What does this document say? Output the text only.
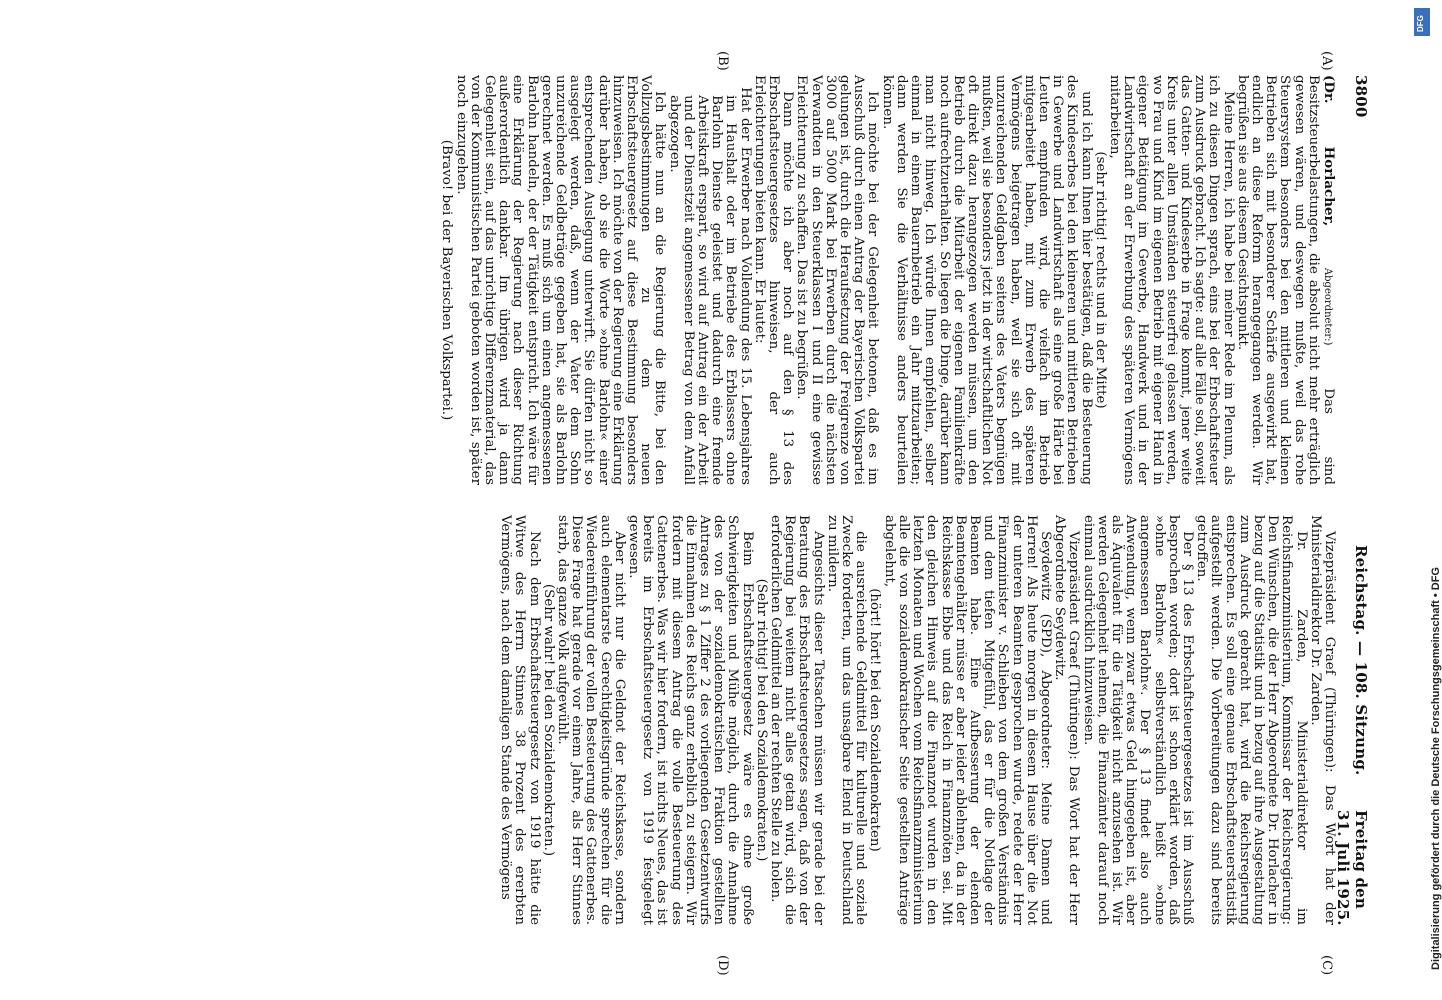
3800
Reichstag. — 108. Sitzung.
Freitag den 31. Juli 1925.
(A)
(B)
(C)
(D)

(Dr. Horlacher, Abgeordneter:) Das sind Besitzsteuerbelastungen, die absolut nicht mehr erträglich gewesen wären, und deswegen mußte, weil das rohe Steuersystem besonders bei den mittleren und kleinen Betrieben sich mit besonderer Schärfe ausgewirkt hat, endlich an diese Reform herangegangen werden. Wir begrüßen sie aus diesem Gesichtspunkt.

Meine Herren, ich habe bei meiner Rede im Plenum, als ich zu diesen Dingen sprach, eins bei der Erbschaftsteuer zum Ausdruck gebracht. Ich sagte: auf alle Fälle soll, soweit das Gatten- und Kindeserbe in Frage kommt, jener weite Kreis unter allen Umständen steuerfrei gelassen werden, wo Frau und Kind im eigenen Betrieb mit eigener Hand in eigener Betätigung im Gewerbe, Handwerk und in der Landwirtschaft an der Erwerbung des späteren Vermögens mitarbeiten,

(sehr richtig! rechts und in der Mitte)

und ich kann Ihnen hier bestätigen, daß die Besteuerung des Kindeserbes bei den kleineren und mittleren Betrieben in Gewerbe und Landwirtschaft als eine große Härte bei Leuten empfunden wird, die vielfach im Betrieb mitgearbeitet haben, mit zum Erwerb des späteren Vermögens beigetragen haben, weil sie sich oft mit unzureichenden Geldgaben seitens des Vaters begnügen mußten, weil sie besonders jetzt in der wirtschaftlichen Not oft direkt dazu herangezogen werden müssen, um den Betrieb durch die Mitarbeit der eigenen Familienkräfte noch aufrechtzuerhalten. So liegen die Dinge, darüber kann man nicht hinweg. Ich würde Ihnen empfehlen, selber einmal in einem Bauernbetrieb ein Jahr mitzuarbeiten; dann werden Sie die Verhältnisse anders beurteilen können.

Ich möchte bei der Gelegenheit betonen, daß es im Ausschuß durch einen Antrag der Bayerischen Volkspartei gelungen ist, durch die Heraufsetzung der Freigrenze von 3000 auf 5000 Mark bei Erwerben durch die nächsten Verwandten in den Steuerklassen I und II eine gewisse Erleichterung zu schaffen. Das ist zu begrüßen.

Dann möchte ich aber noch auf den § 13 des Erbschaftsteuergesetzes hinweisen, der auch Erleichterungen bieten kann. Er lautet:

Hat der Erwerber nach Vollendung des 15. Lebensjahres im Haushalt oder im Betriebe des Erblassers ohne Barlohn Dienste geleistet und dadurch eine fremde Arbeitskraft erspart, so wird auf Antrag ein der Arbeit und der Dienstzeit angemessener Betrag von dem Anfall abgezogen.

Ich hätte nun an die Regierung die Bitte, bei den Vollzugsbestimmungen zu dem neuen Erbschaftsteuergesetz auf diese Bestimmung besonders hinzuweisen. Ich möchte von der Regierung eine Erklärung darüber haben, ob sie die Worte »ohne Barlohn« einer entsprechenden Auslegung unterwirft. Sie dürfen nicht so ausgelegt werden, daß, wenn der Vater dem Sohn unzureichende Geldbeträge gegeben hat, sie als Barlohn gerechnet werden. Es muß sich um einen angemessenen Barlohn handeln, der der Tätigkeit entspricht. Ich wäre für eine Erklärung der Regierung nach dieser Richtung außerordentlich dankbar. Im übrigen wird ja dann Gelegenheit sein, auf das unrichtige Differenzmaterial, das von der Kommunistischen Partei geboten worden ist, später noch einzugehen.

(Bravo! bei der Bayerischen Volkspartei.)

Vizepräsident Graef (Thüringen): Das Wort hat der Ministerialdirektor Dr. Zarden.

Dr. Zarden, Ministerialdirektor im Reichsfinanzministerium, Kommissar der Reichsregierung: Den Wünschen, die der Herr Abgeordnete Dr. Horlacher in bezug auf die Statistik und in bezug auf ihre Ausgestaltung zum Ausdruck gebracht hat, wird die Reichsregierung entsprechen. Es soll eine genaue Erbschaftsteuerstatistik aufgestellt werden. Die Vorbereitungen dazu sind bereits getroffen.

Der § 13 des Erbschaftsteuergesetzes ist im Ausschuß besprochen worden; dort ist schon erklärt worden, daß »ohne Barlohn« selbstverständlich heißt »ohne angemessenen Barlohn«. Der § 13 findet also auch Anwendung, wenn zwar etwas Geld hingegeben ist, aber als Äquivalent für die Tätigkeit nicht anzusehen ist. Wir werden Gelegenheit nehmen, die Finanzämter darauf noch einmal ausdrücklich hinzuweisen.

Vizepräsident Graef (Thüringen): Das Wort hat der Herr Abgeordnete Seydewitz.

Seydewitz (SPD), Abgeordneter: Meine Damen und Herren! Als heute morgen in diesem Hause über die Not der unteren Beamten gesprochen wurde, redete der Herr Finanzminister v. Schlieben von dem großen Verständnis und dem tiefen Mitgefühl, das er für die Notlage der Beamten habe. Eine Aufbesserung der elenden Beamtengehälter müsse er aber leider ablehnen, da in der Reichskasse Ebbe und das Reich in Finanznöten sei. Mit den gleichen Hinweis auf die Finanznot wurden in den letzten Monaten und Wochen vom Reichsfinanzministerium alle die von sozialdemokratischer Seite gestellten Anträge abgelehnt,

(hört! hört! bei den Sozialdemokraten)

die ausreichende Geldmittel für kulturelle und soziale Zwecke forderten, um das unsagbare Elend in Deutschland zu mildern.

Angesichts dieser Tatsachen müssen wir gerade bei der Beratung des Erbschaftsteuergesetzes sagen, daß von der Regierung bei weitem nicht alles getan wird, sich die erforderlichen Geldmittel an der rechten Stelle zu holen.

(Sehr richtig! bei den Sozialdemokraten.)

Beim Erbschaftsteuergesetz wäre es ohne große Schwierigkeiten und Mühe möglich, durch die Annahme des von der sozialdemokratischen Fraktion gestellten Antrages zu § 1 Ziffer 2 des vorliegenden Gesetzentwurfs die Einnahmen des Reichs ganz erheblich zu steigern. Wir fordern mit diesem Antrag die volle Besteuerung des Gattenerbes. Was wir hier fordern, ist nichts Neues, das ist bereits im Erbschaftsteuergesetz von 1919 festgelegt gewesen.

Aber nicht nur die Geldnot der Reichskasse, sondern auch elementarste Gerechtigkeitsgründe sprechen für die Wiedereinführung der vollen Besteuerung des Gattenerbes. Diese Frage hat gerade vor einem Jahre, als Herr Stinnes starb, das ganze Volk aufgewühlt.

(Sehr wahr! bei den Sozialdemokraten.)

Nach dem Erbschaftsteuergesetz von 1919 hätte die Witwe des Herrn Stinnes 38 Prozent des ererbten Vermögens, nach dem damaligen Stande des Vermögens	Digitalisierung gefördert durch die Deutsche Forschungsgemeinschaft • DFG
DFG
